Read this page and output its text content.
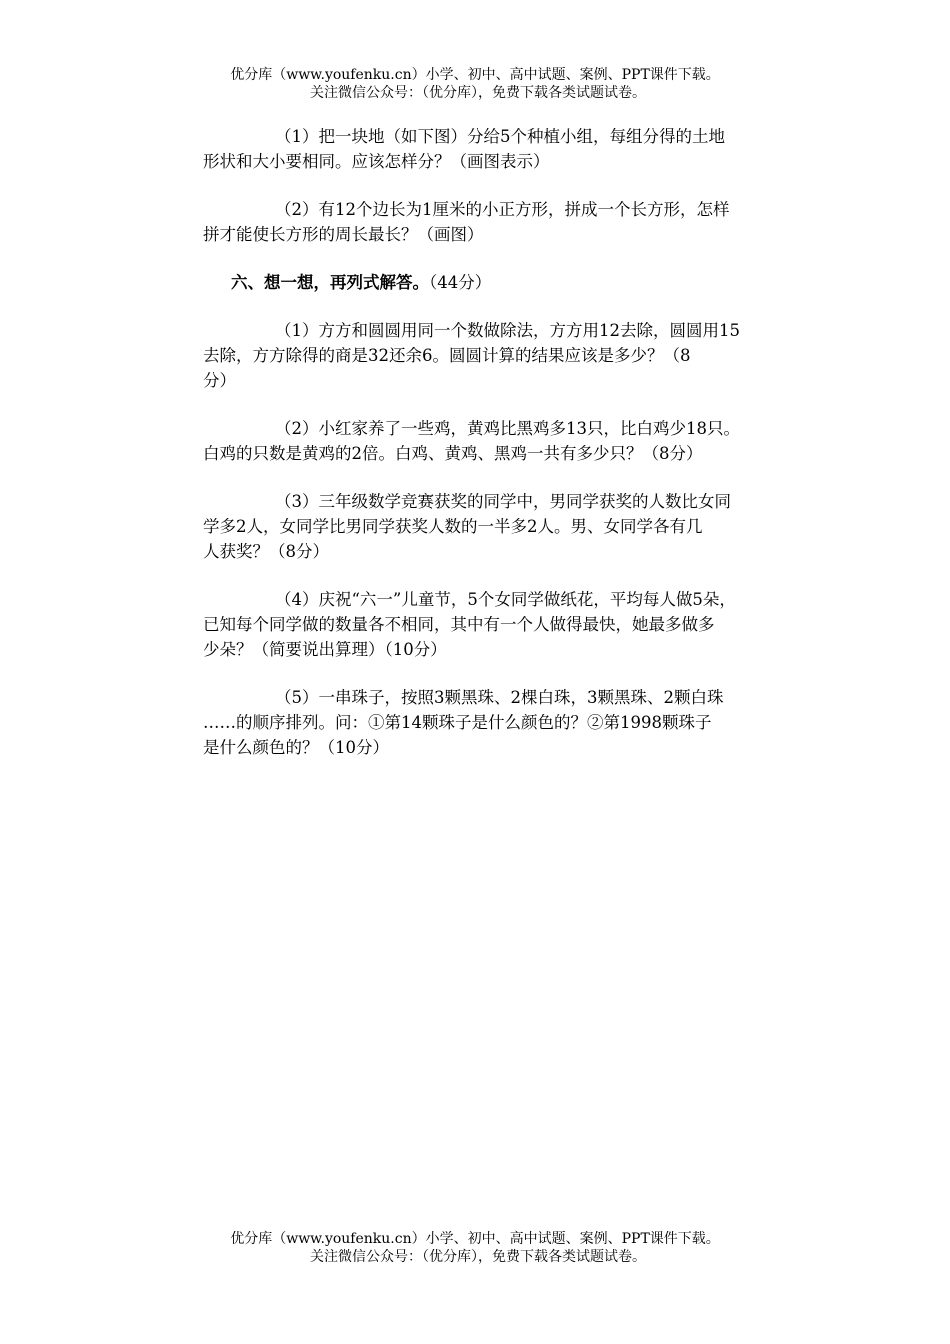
优分库（www.youfenku.cn）小学、初中、高中试题、案例、PPT课件下载。
关注微信公众号：（优分库），免费下载各类试题试卷。

（1）把一块地（如下图）分给5个种植小组，每组分得的土地

形状和大小要相同。应该怎样分？（画图表示）

（2）有12个边长为1厘米的小正方形，拼成一个长方形，怎样

拼才能使长方形的周长最长？（画图）

六、想一想，再列式解答。（44分）

（1）方方和圆圆用同一个数做除法，方方用12去除，圆圆用15

去除，方方除得的商是32还余6。圆圆计算的结果应该是多少？（8

分）

（2）小红家养了一些鸡，黄鸡比黑鸡多13只，比白鸡少18只。

白鸡的只数是黄鸡的2倍。白鸡、黄鸡、黑鸡一共有多少只？（8分）

（3）三年级数学竞赛获奖的同学中，男同学获奖的人数比女同

学多2人，女同学比男同学获奖人数的一半多2人。男、女同学各有几

人获奖？（8分）

（4）庆祝“六一”儿童节，5个女同学做纸花，平均每人做5朵，

已知每个同学做的数量各不相同，其中有一个人做得最快，她最多做多

少朵？（简要说出算理）（10分）

（5）一串珠子，按照3颗黑珠、2棵白珠，3颗黑珠、2颗白珠

……的顺序排列。问：①第14颗珠子是什么颜色的？②第1998颗珠子

是什么颜色的？（10分）

优分库（www.youfenku.cn）小学、初中、高中试题、案例、PPT课件下载。
关注微信公众号：（优分库），免费下载各类试题试卷。
